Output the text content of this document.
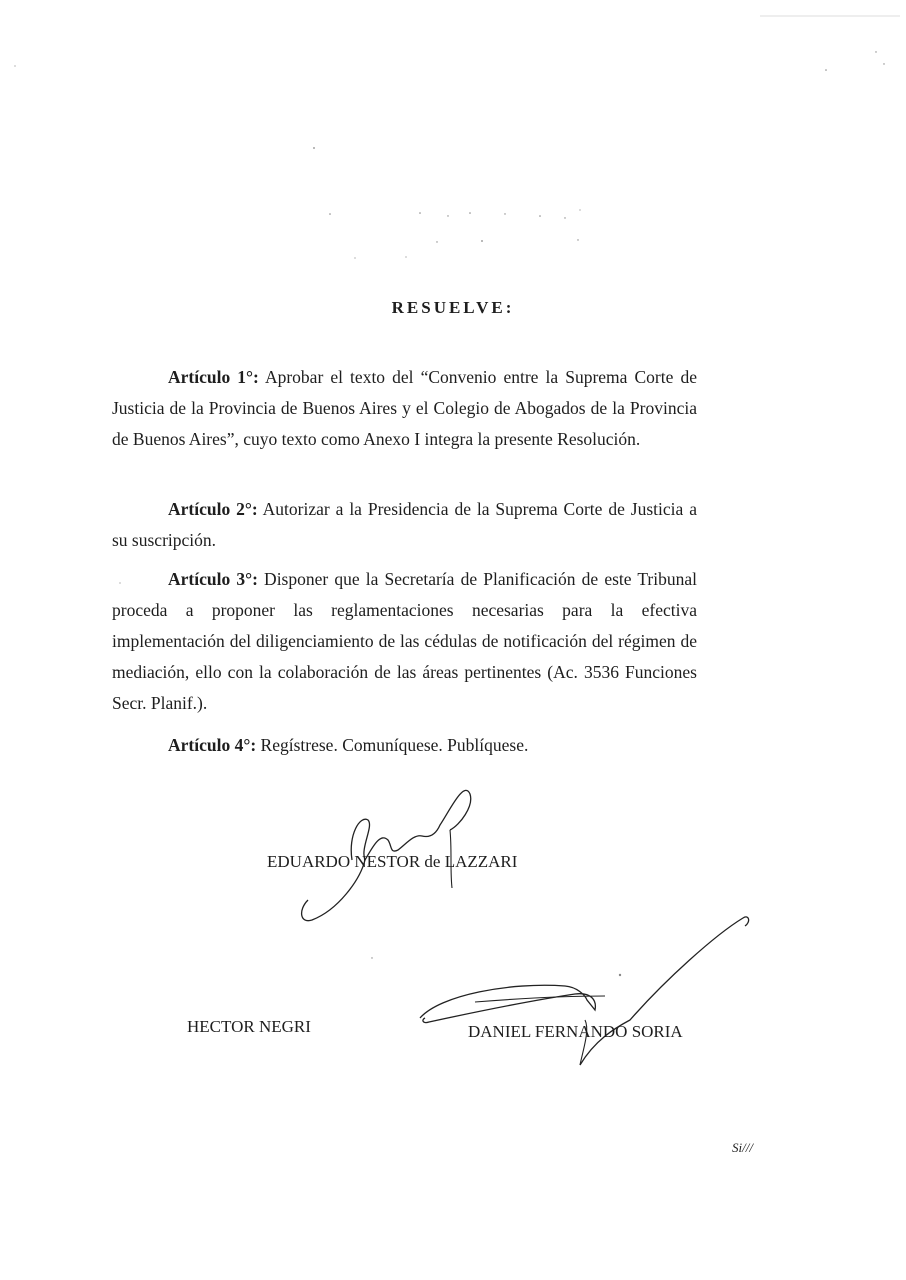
RESUELVE:
Artículo 1°: Aprobar el texto del “Convenio entre la Suprema Corte de Justicia de la Provincia de Buenos Aires y el Colegio de Abogados de la Provincia de Buenos Aires”, cuyo texto como Anexo I integra la presente Resolución.
Artículo 2°: Autorizar a la Presidencia de la Suprema Corte de Justicia a su suscripción.
Artículo 3°: Disponer que la Secretaría de Planificación de este Tribunal proceda a proponer las reglamentaciones necesarias para la efectiva implementación del diligenciamiento de las cédulas de notificación del régimen de mediación, ello con la colaboración de las áreas pertinentes (Ac. 3536 Funciones Secr. Planif.).
Artículo 4°: Regístrese. Comuníquese. Publíquese.
EDUARDO NESTOR de LAZZARI
HECTOR NEGRI	DANIEL FERNANDO SORIA
Si///
